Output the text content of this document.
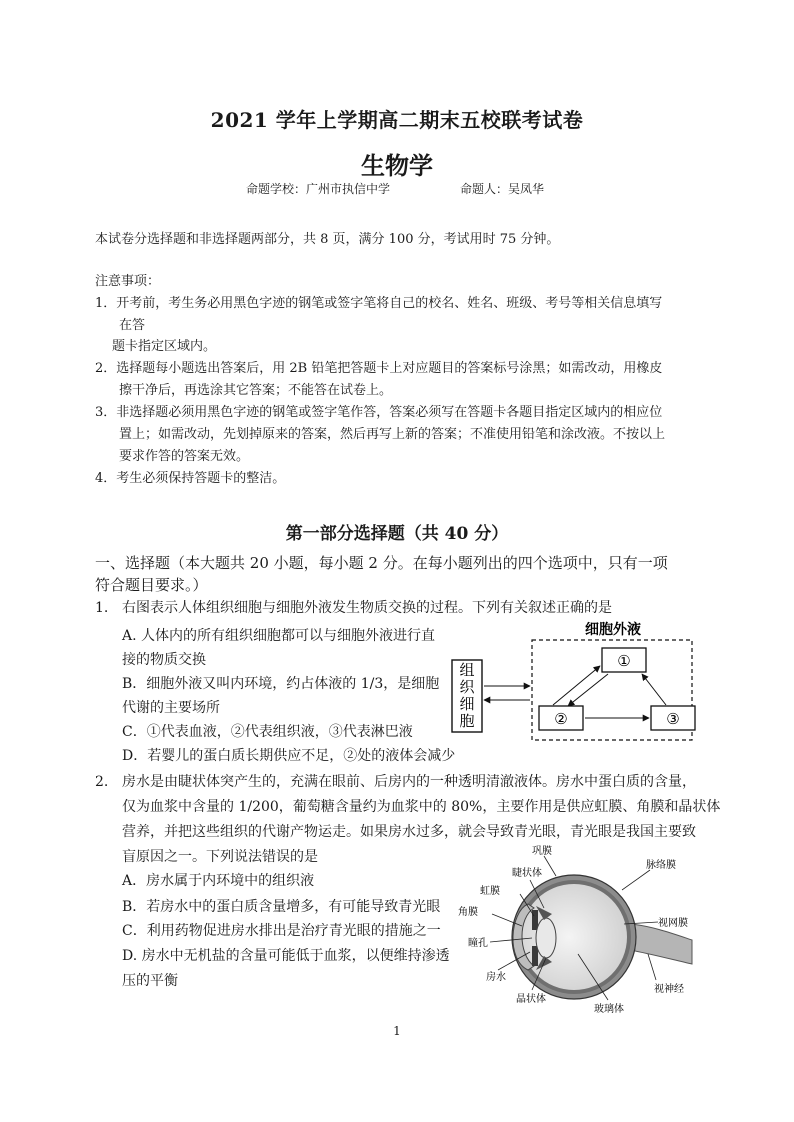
2021 学年上学期高二期末五校联考试卷
生物学
命题学校：广州市执信中学	命题人：吴凤华
本试卷分选择题和非选择题两部分，共 8 页，满分 100 分，考试用时 75 分钟。
注意事项：
1．开考前，考生务必用黑色字迹的钢笔或签字笔将自己的校名、姓名、班级、考号等相关信息填写
在答
题卡指定区域内。
2．选择题每小题选出答案后，用 2B 铅笔把答题卡上对应题目的答案标号涂黑；如需改动，用橡皮
擦干净后，再选涂其它答案；不能答在试卷上。
3．非选择题必须用黑色字迹的钢笔或签字笔作答，答案必须写在答题卡各题目指定区域内的相应位
置上；如需改动，先划掉原来的答案，然后再写上新的答案；不准使用铅笔和涂改液。不按以上
要求作答的答案无效。
4．考生必须保持答题卡的整洁。
第一部分选择题（共 40 分）
一、选择题（本大题共 20 小题，每小题 2 分。在每小题列出的四个选项中，只有一项
符合题目要求。）
1. 右图表示人体组织细胞与细胞外液发生物质交换的过程。下列有关叙述正确的是
A. 人体内的所有组织细胞都可以与细胞外液进行直
接的物质交换
B．细胞外液又叫内环境，约占体液的 1/3，是细胞
代谢的主要场所
C．①代表血液，②代表组织液，③代表淋巴液
D．若婴儿的蛋白质长期供应不足，②处的液体会减少
细胞外液
组
织
细
胞
①
②	③
2. 房水是由睫状体突产生的，充满在眼前、后房内的一种透明清澈液体。房水中蛋白质的含量，
仅为血浆中含量的 1/200，葡萄糖含量约为血浆中的 80%，主要作用是供应虹膜、角膜和晶状体
营养，并把这些组织的代谢产物运走。如果房水过多，就会导致青光眼，青光眼是我国主要致
盲原因之一。下列说法错误的是
A．房水属于内环境中的组织液
B．若房水中的蛋白质含量增多，有可能导致青光眼
C．利用药物促进房水排出是治疗青光眼的措施之一
D. 房水中无机盐的含量可能低于血浆，以便维持渗透
压的平衡
巩膜
睫状体
虹膜
角膜
瞳孔
房水
晶状体
脉络膜
视网膜
视神经
玻璃体
1
